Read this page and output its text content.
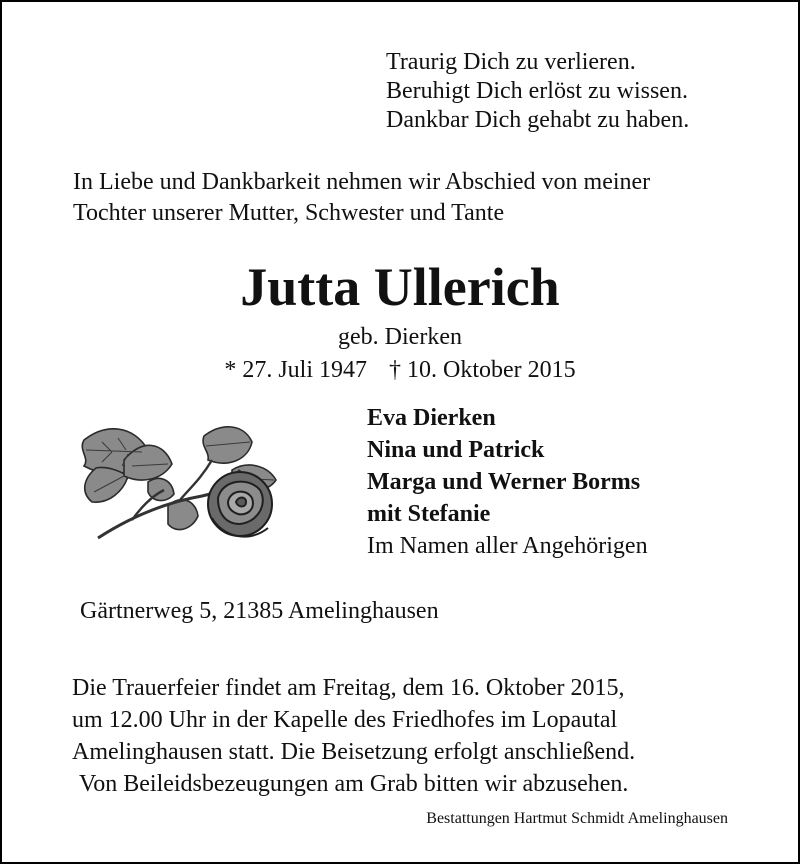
Traurig Dich zu verlieren.
Beruhigt Dich erlöst zu wissen.
Dankbar Dich gehabt zu haben.
In Liebe und Dankbarkeit nehmen wir Abschied von meiner
Tochter unserer Mutter, Schwester und Tante
Jutta Ullerich
geb. Dierken
* 27. Juli 1947 † 10. Oktober 2015
Eva Dierken
Nina und Patrick
Marga und Werner Borms
mit Stefanie
Im Namen aller Angehörigen
Gärtnerweg 5, 21385 Amelinghausen
Die Trauerfeier findet am Freitag, dem 16. Oktober 2015,
um 12.00 Uhr in der Kapelle des Friedhofes im Lopautal
Amelinghausen statt. Die Beisetzung erfolgt anschließend.
Von Beileidsbezeugungen am Grab bitten wir abzusehen.
Bestattungen Hartmut Schmidt Amelinghausen
